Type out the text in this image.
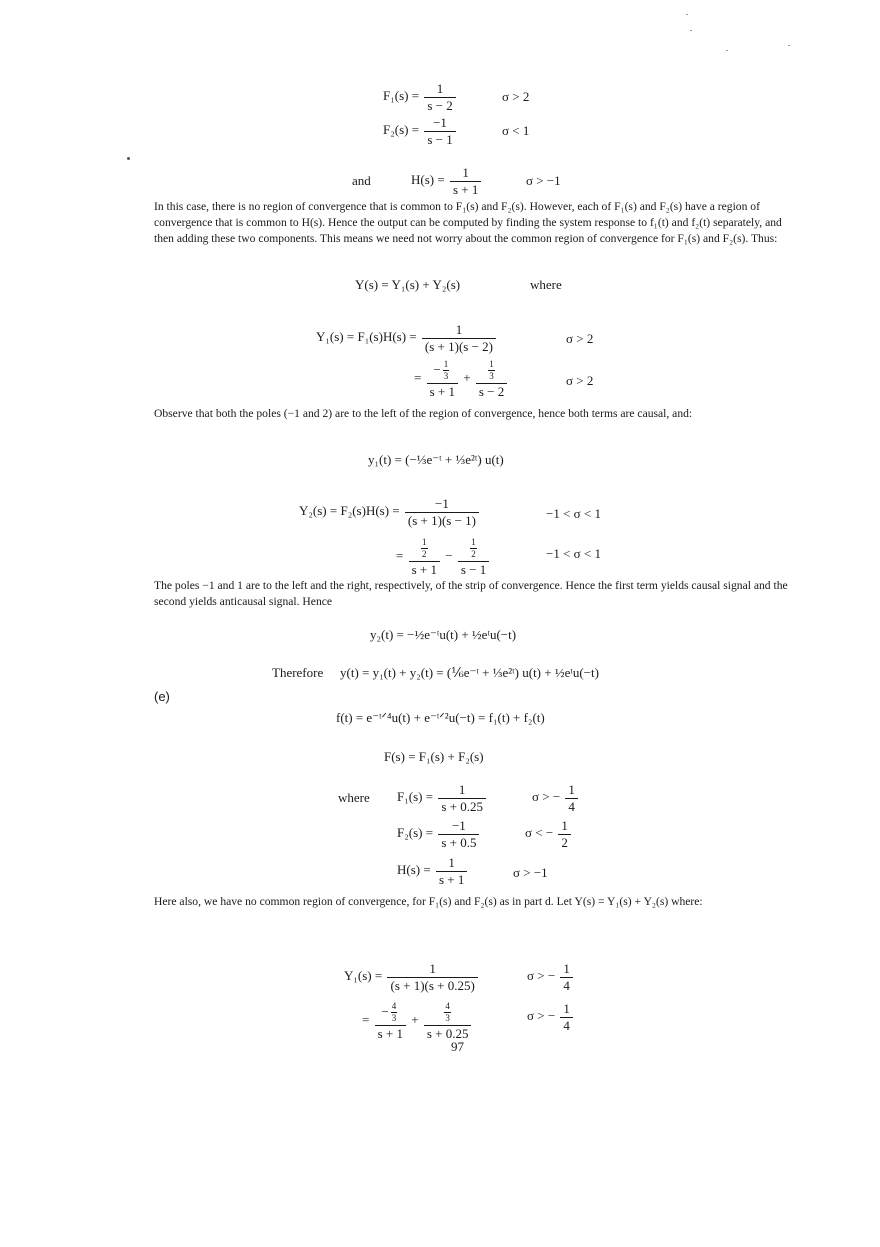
$F_1(s) = \frac{1}{s - 2}$	σ > 2
$F_2(s) = \frac{-1}{s - 1}$	σ < 1
and	$H(s) = \frac{1}{s + 1}$	σ > −1
In this case, there is no region of convergence that is common to F₁(s) and F₂(s). However, each of F₁(s) and F₂(s) have a region of convergence that is common to H(s). Hence the output can be computed by finding the system response to f₁(t) and f₂(t) separately, and then adding these two components. This means we need not worry about the common region of convergence for F₁(s) and F₂(s). Thus:
Y(s) = Y₁(s) + Y₂(s)	where
$Y_1(s) = F_1(s)H(s) = \frac{1}{(s + 1)(s - 2)}$	σ > 2
= $\frac{- \frac{1}{3}}{s + 1} + \frac{\frac{1}{3}}{s - 2}$	σ > 2
Observe that both the poles (−1 and 2) are to the left of the region of convergence, hence both terms are causal, and:
y₁(t) = (−⅓e⁻ᵗ + ⅓e²ᵗ) u(t)
$Y_2(s) = F_2(s)H(s) = \frac{-1}{(s + 1)(s - 1)}$	−1 < σ < 1
= $\frac{\frac{1}{2}}{s + 1} - \frac{\frac{1}{2}}{s - 1}$	−1 < σ < 1
The poles −1 and 1 are to the left and the right, respectively, of the strip of convergence. Hence the first term yields causal signal and the second yields anticausal signal. Hence
y₂(t) = −½e⁻ᵗu(t) + ½eᵗu(−t)
Therefore y(t) = y₁(t) + y₂(t) = (⅙e⁻ᵗ + ⅓e²ᵗ) u(t) + ½eᵗu(−t)
(e)
f(t) = e⁻ᵗᐟ⁴u(t) + e⁻ᵗᐟ²u(−t) = f₁(t) + f₂(t)
F(s) = F₁(s) + F₂(s)
where $F_1(s) = \frac{1}{s + 0.25}$	σ > − $\frac{1}{4}$
$F_2(s) = \frac{-1}{s + 0.5}$	σ < − $\frac{1}{2}$
$H(s) = \frac{1}{s + 1}$	σ > −1
Here also, we have no common region of convergence, for F₁(s) and F₂(s) as in part d. Let Y(s) = Y₁(s) + Y₂(s) where:
$Y_1(s) = \frac{1}{(s + 1)(s + 0.25)}$	σ > − $\frac{1}{4}$
= $\frac{- \frac{4}{3}}{s + 1} + \frac{\frac{4}{3}}{s + 0.25}$	σ > − $\frac{1}{4}$
97
